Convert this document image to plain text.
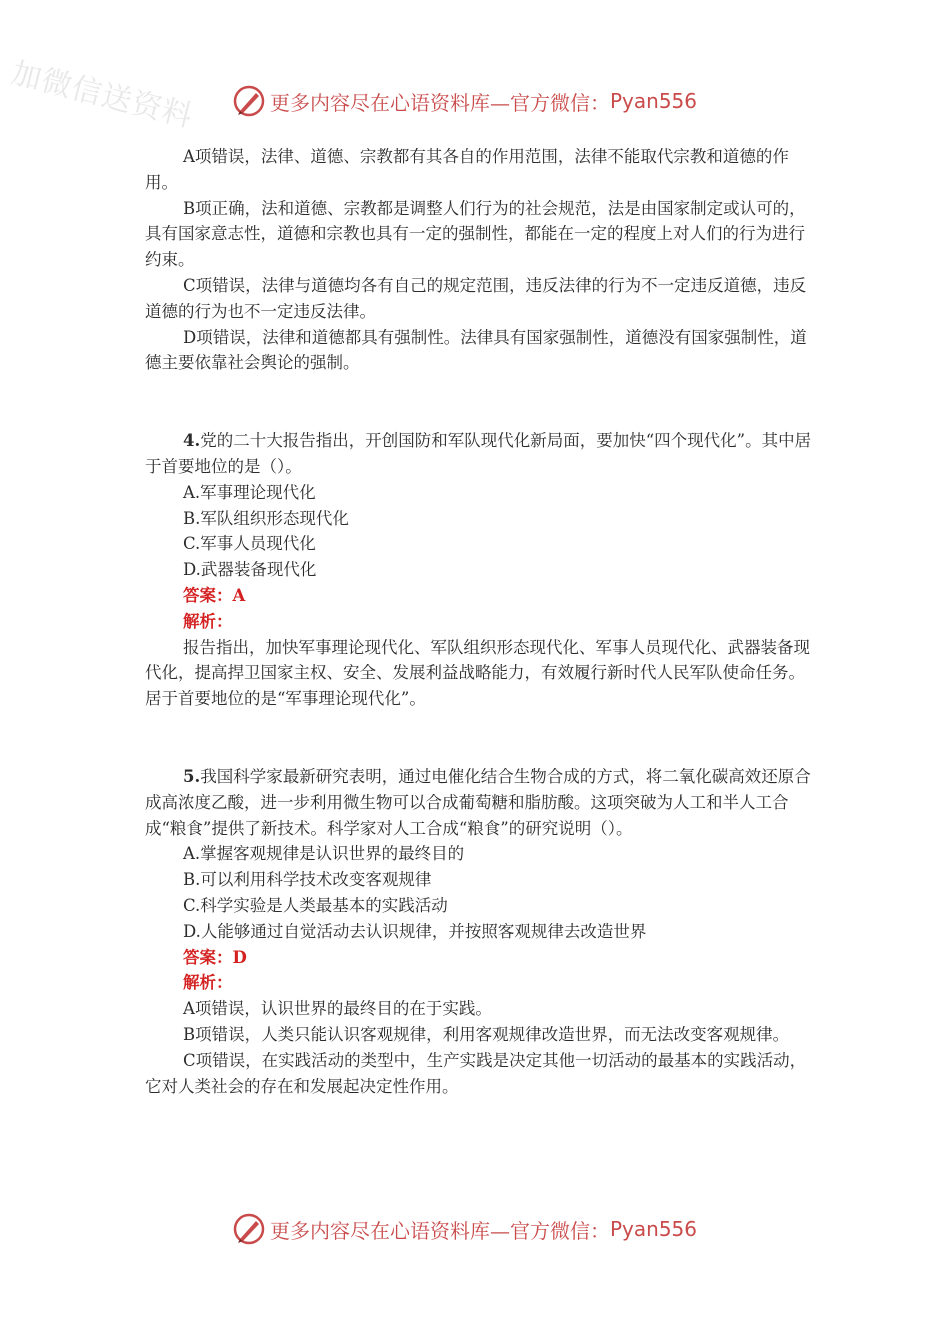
加微信送资料	更多内容尽在心语资料库—官方微信： Pyan556

A项错误，法律、道德、宗教都有其各自的作用范围，法律不能取代宗教和道德的作用。

B项正确，法和道德、宗教都是调整人们行为的社会规范，法是由国家制定或认可的，具有国家意志性，道德和宗教也具有一定的强制性，都能在一定的程度上对人们的行为进行约束。

C项错误，法律与道德均各有自己的规定范围，违反法律的行为不一定违反道德，违反道德的行为也不一定违反法律。

D项错误，法律和道德都具有强制性。法律具有国家强制性，道德没有国家强制性，道德主要依靠社会舆论的强制。

4.党的二十大报告指出，开创国防和军队现代化新局面，要加快“四个现代化”。其中居于首要地位的是（）。

A.军事理论现代化

B.军队组织形态现代化

C.军事人员现代化

D.武器装备现代化

答案：A

解析：

报告指出，加快军事理论现代化、军队组织形态现代化、军事人员现代化、武器装备现代化，提高捍卫国家主权、安全、发展利益战略能力，有效履行新时代人民军队使命任务。居于首要地位的是“军事理论现代化”。

5.我国科学家最新研究表明，通过电催化结合生物合成的方式，将二氧化碳高效还原合成高浓度乙酸，进一步利用微生物可以合成葡萄糖和脂肪酸。这项突破为人工和半人工合成“粮食”提供了新技术。科学家对人工合成“粮食”的研究说明（）。

A.掌握客观规律是认识世界的最终目的

B.可以利用科学技术改变客观规律

C.科学实验是人类最基本的实践活动

D.人能够通过自觉活动去认识规律，并按照客观规律去改造世界

答案：D

解析：

A项错误，认识世界的最终目的在于实践。

B项错误，人类只能认识客观规律，利用客观规律改造世界，而无法改变客观规律。

C项错误，在实践活动的类型中，生产实践是决定其他一切活动的最基本的实践活动，它对人类社会的存在和发展起决定性作用。

更多内容尽在心语资料库—官方微信： Pyan556
